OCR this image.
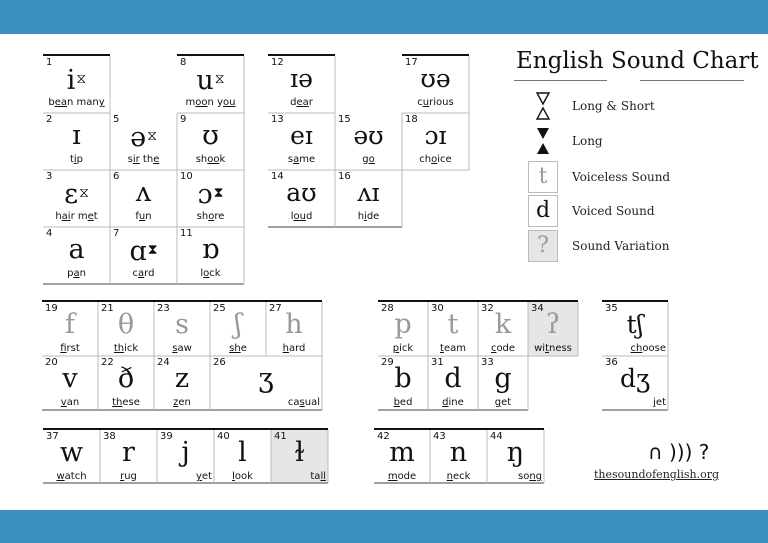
1
i⧖
bean many
2
ɪ
tip
3
ɛ⧖
hair met
4
a
pan
5
ə⧖
sir the
6
ʌ
fun
7
ɑ⧗
card
8
u⧖
moon you
9
ʊ
shook
10
ɔ⧗
shore
11
ɒ
lock
12
ɪə
dear
13
eɪ
same
14
aʊ
loud
15
əʊ
go
16
ʌɪ
hide
17
ʊə
curious
18
ɔɪ
choice
19
f
first
20
v
van
21
θ
thick
22
ð
these
23
s
saw
24
z
zen
25
ʃ
she
26
ʒ
casual
27
h
hard
28
p
pick
29
b
bed
30
t
team
31
d
dine
32
k
code
33
g
get
34
ʔ
witness
35
tʃ
choose
36
dʒ
jet
37
w
watch
38
r
rug
39
j
yet
40
l
look
41
ɫ
tall
42
m
mode
43
n
neck
44
ŋ
song
English Sound Chart
Long & Short
Long
t	Voiceless Sound
d	Voiced Sound
?	Sound Variation
∩ ))) ?
thesoundofenglish.org
